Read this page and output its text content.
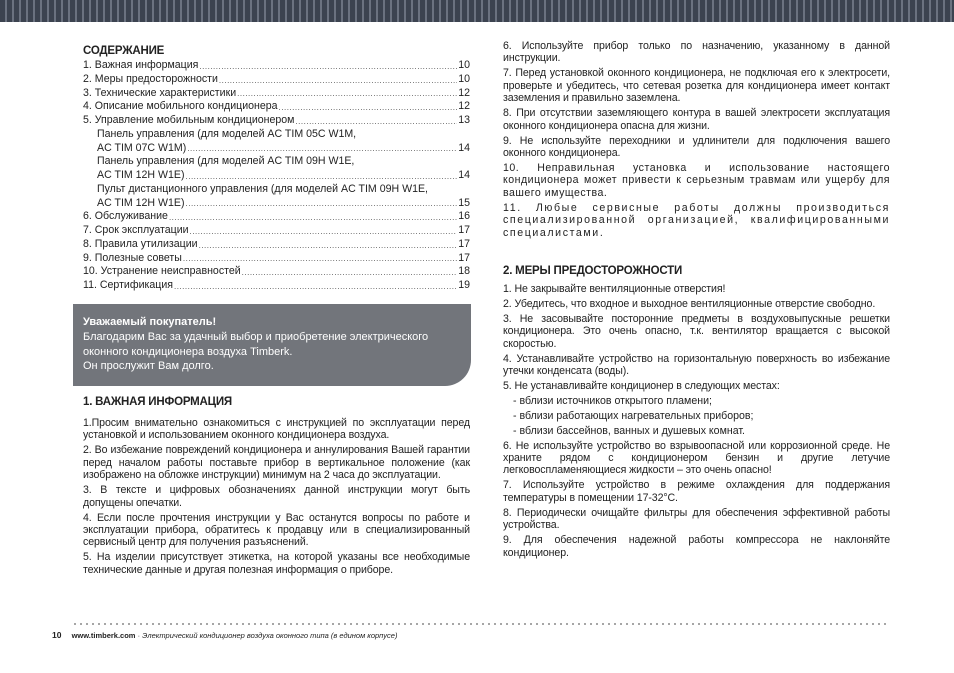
СОДЕРЖАНИЕ
1. Важная информация .....	10
2. Меры предосторожности .....	10
3. Технические характеристики .....	12
4. Описание мобильного кондиционера .....	12
5. Управление мобильным кондиционером .....	13
Панель управления (для моделей AC TIM 05C W1M,
AC TIM 07C W1M) .....	14
Панель управления (для моделей AC TIM 09H W1E,
AC TIM 12H W1E) .....	14
Пульт дистанционного управления (для моделей AC TIM 09H W1E,
AC TIM 12H W1E) .....	15
6. Обслуживание .....	16
7. Срок эксплуатации .....	17
8. Правила утилизации .....	17
9. Полезные советы .....	17
10. Устранение неисправностей .....	18
11. Сертификация .....	19
Уважаемый покупатель!
Благодарим Вас за удачный выбор и приобретение электрического
оконного кондиционера воздуха Timberk.
Он прослужит Вам долго.
1. ВАЖНАЯ ИНФОРМАЦИЯ
1.Просим внимательно ознакомиться с инструкцией по эксплуатации перед установкой и использованием оконного кондиционера воздуха.
2. Во избежание повреждений кондиционера и аннулирования Вашей гарантии перед началом работы поставьте прибор в вертикальное положение (как изображено на обложке инструкции) минимум на 2 часа до эксплуатации.
3. В тексте и цифровых обозначениях данной инструкции могут быть допущены опечатки.
4. Если после прочтения инструкции у Вас останутся вопросы по работе и эксплуатации прибора, обратитесь к продавцу или в специализированный сервисный центр для получения разъяснений.
5. На изделии присутствует этикетка, на которой указаны все необходимые технические данные и другая полезная информация о приборе.
6. Используйте прибор только по назначению, указанному в данной инструкции.
7. Перед установкой оконного кондиционера, не подключая его к электросети, проверьте и убедитесь, что сетевая розетка для кондиционера имеет контакт заземления и правильно заземлена.
8. При отсутствии заземляющего контура в вашей электросети эксплуатация оконного кондиционера опасна для жизни.
9. Не используйте переходники и удлинители для подключения вашего оконного кондиционера.
10. Неправильная установка и использование настоящего кондиционера может привести к серьезным травмам или ущербу для вашего имущества.
11. Любые сервисные работы должны производиться специализированной организацией, квалифицированными специалистами.
2. МЕРЫ ПРЕДОСТОРОЖНОСТИ
1. Не закрывайте вентиляционные отверстия!
2. Убедитесь, что входное и выходное вентиляционные отверстие свободно.
3. Не засовывайте посторонние предметы в воздуховыпускные решетки кондиционера. Это очень опасно, т.к. вентилятор вращается с высокой скоростью.
4. Устанавливайте устройство на горизонтальную поверхность во избежание утечки конденсата (воды).
5. Не устанавливайте кондиционер в следующих местах:
- вблизи источников открытого пламени;
- вблизи работающих нагревательных приборов;
- вблизи бассейнов, ванных и душевых комнат.
6. Не используйте устройство во взрывоопасной или коррозионной среде. Не храните рядом с кондиционером бензин и другие летучие легковоспламеняющиеся жидкости – это очень опасно!
7. Используйте устройство в режиме охлаждения для поддержания температуры в помещении 17-32°C.
8. Периодически очищайте фильтры для обеспечения эффективной работы устройства.
9. Для обеспечения надежной работы компрессора не наклоняйте кондиционер.
10 www.timberk.com · Электрический кондиционер воздуха оконного типа (в едином корпусе)
